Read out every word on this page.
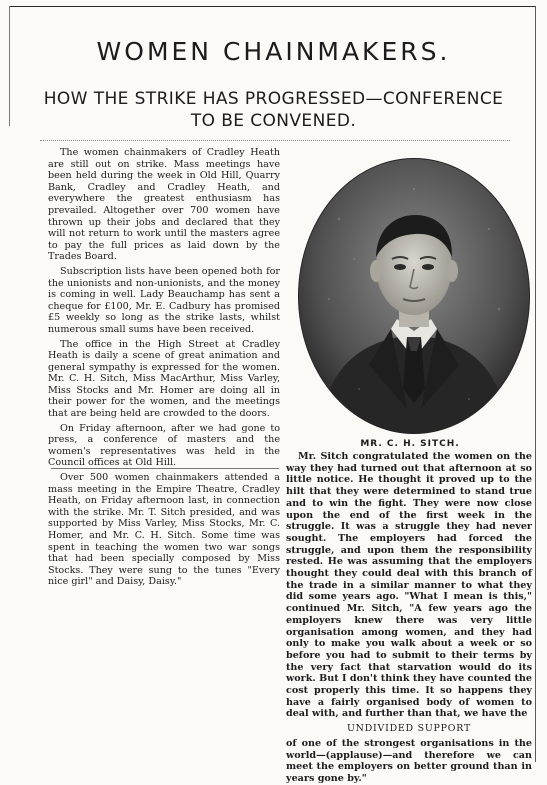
WOMEN CHAINMAKERS.
HOW THE STRIKE HAS PROGRESSED—CONFERENCE TO BE CONVENED.

The women chainmakers of Cradley Heath are still out on strike. Mass meetings have been held during the week in Old Hill, Quarry Bank, Cradley and Cradley Heath, and everywhere the greatest enthusiasm has prevailed. Altogether over 700 women have thrown up their jobs and declared that they will not return to work until the masters agree to pay the full prices as laid down by the Trades Board.

Subscription lists have been opened both for the unionists and non-unionists, and the money is coming in well. Lady Beauchamp has sent a cheque for £100, Mr. E. Cadbury has promised £5 weekly so long as the strike lasts, whilst numerous small sums have been received.

The office in the High Street at Cradley Heath is daily a scene of great animation and general sympathy is expressed for the women. Mr. C. H. Sitch, Miss MacArthur, Miss Varley, Miss Stocks and Mr. Homer are doing all in their power for the women, and the meetings that are being held are crowded to the doors.

On Friday afternoon, after we had gone to press, a conference of masters and the women's representatives was held in the Council offices at Old Hill.

Over 500 women chainmakers attended a mass meeting in the Empire Theatre, Cradley Heath, on Friday afternoon last, in connection with the strike. Mr. T. Sitch presided, and was supported by Miss Varley, Miss Stocks, Mr. C. Homer, and Mr. C. H. Sitch. Some time was spent in teaching the women two war songs that had been specially composed by Miss Stocks. They were sung to the tunes "Every nice girl" and Daisy, Daisy."

MR. C. H. SITCH.

Mr. Sitch congratulated the women on the way they had turned out that afternoon at so little notice. He thought it proved up to the hilt that they were determined to stand true and to win the fight. They were now close upon the end of the first week in the struggle. It was a struggle they had never sought. The employers had forced the struggle, and upon them the responsibility rested. He was assuming that the employers thought they could deal with this branch of the trade in a similar manner to what they did some years ago. "What I mean is this," continued Mr. Sitch, "A few years ago the employers knew there was very little organisation among women, and they had only to make you walk about a week or so before you had to submit to their terms by the very fact that starvation would do its work. But I don't think they have counted the cost properly this time. It so happens they have a fairly organised body of women to deal with, and further than that, we have the

UNDIVIDED SUPPORT

of one of the strongest organisations in the world—(applause)—and therefore we can meet the employers on better ground than in years gone by."
